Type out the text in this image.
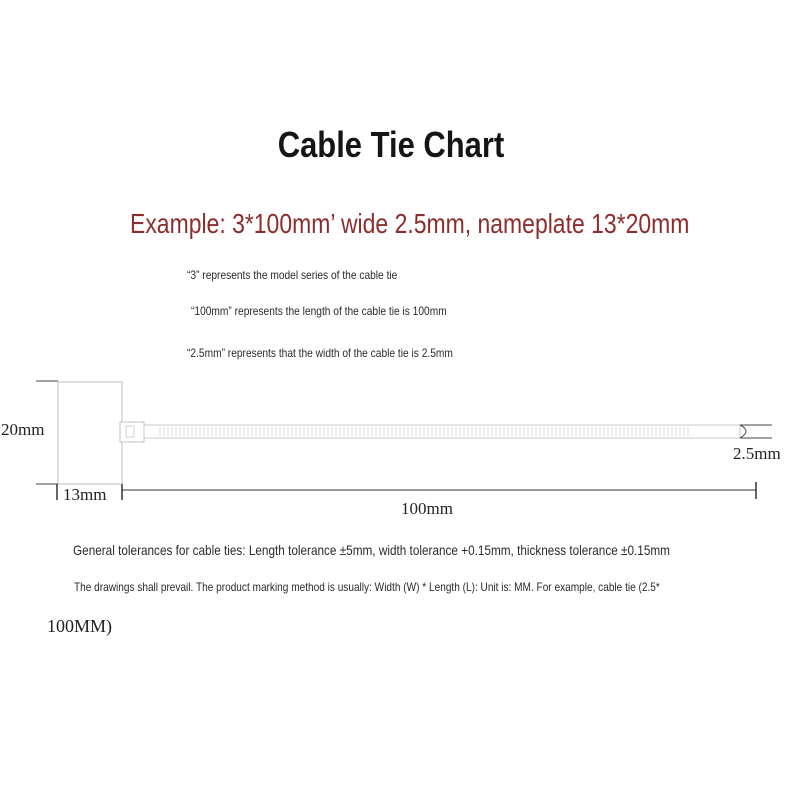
Cable Tie Chart
Example: 3*100mm’ wide 2.5mm, nameplate 13*20mm
“3” represents the model series of the cable tie
“100mm” represents the length of the cable tie is 100mm
“2.5mm” represents that the width of the cable tie is 2.5mm
20mm
13mm
100mm
2.5mm
General tolerances for cable ties: Length tolerance ±5mm, width tolerance +0.15mm, thickness tolerance ±0.15mm
The drawings shall prevail. The product marking method is usually: Width (W) * Length (L): Unit is: MM. For example, cable tie (2.5*
100MM)
